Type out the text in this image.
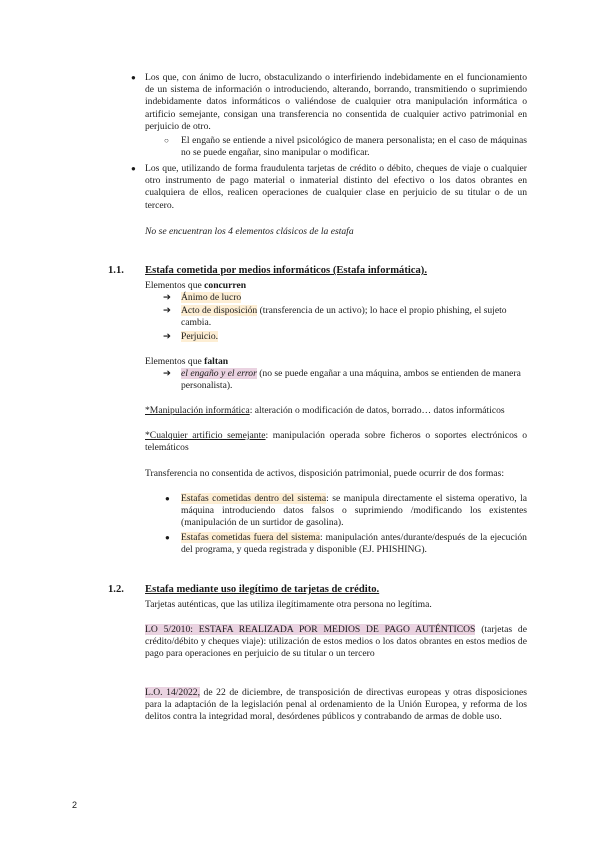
● Los que, con ánimo de lucro, obstaculizando o interfiriendo indebidamente en el funcionamiento de un sistema de información o introduciendo, alterando, borrando, transmitiendo o suprimiendo indebidamente datos informáticos o valiéndose de cualquier otra manipulación informática o artificio semejante, consigan una transferencia no consentida de cualquier activo patrimonial en perjuicio de otro.
○ El engaño se entiende a nivel psicológico de manera personalista; en el caso de máquinas no se puede engañar, sino manipular o modificar.
● Los que, utilizando de forma fraudulenta tarjetas de crédito o débito, cheques de viaje o cualquier otro instrumento de pago material o inmaterial distinto del efectivo o los datos obrantes en cualquiera de ellos, realicen operaciones de cualquier clase en perjuicio de su titular o de un tercero.
No se encuentran los 4 elementos clásicos de la estafa
1.1. Estafa cometida por medios informáticos (Estafa informática).
Elementos que concurren
➔ Ánimo de lucro
➔ Acto de disposición (transferencia de un activo); lo hace el propio phishing, el sujeto cambia.
➔ Perjuicio.
Elementos que faltan
➔ el engaño y el error (no se puede engañar a una máquina, ambos se entienden de manera personalista).
*Manipulación informática: alteración o modificación de datos, borrado… datos informáticos
*Cualquier artificio semejante: manipulación operada sobre ficheros o soportes electrónicos o telemáticos
Transferencia no consentida de activos, disposición patrimonial, puede ocurrir de dos formas:
● Estafas cometidas dentro del sistema: se manipula directamente el sistema operativo, la máquina introduciendo datos falsos o suprimiendo /modificando los existentes (manipulación de un surtidor de gasolina).
● Estafas cometidas fuera del sistema: manipulación antes/durante/después de la ejecución del programa, y queda registrada y disponible (EJ. PHISHING).
1.2. Estafa mediante uso ilegítimo de tarjetas de crédito.
Tarjetas auténticas, que las utiliza ilegítimamente otra persona no legítima.
LO 5/2010: ESTAFA REALIZADA POR MEDIOS DE PAGO AUTÉNTICOS (tarjetas de crédito/débito y cheques viaje): utilización de estos medios o los datos obrantes en estos medios de pago para operaciones en perjuicio de su titular o un tercero
L.O. 14/2022, de 22 de diciembre, de transposición de directivas europeas y otras disposiciones para la adaptación de la legislación penal al ordenamiento de la Unión Europea, y reforma de los delitos contra la integridad moral, desórdenes públicos y contrabando de armas de doble uso.
2
